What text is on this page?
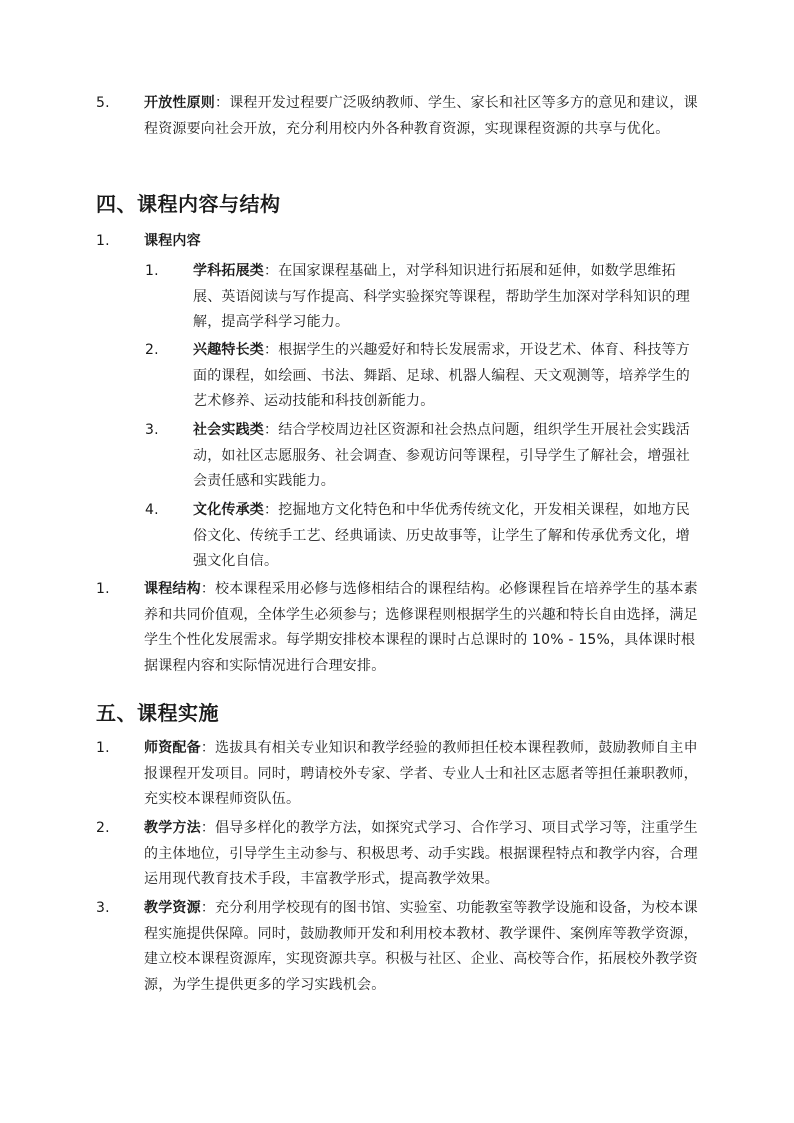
5. 开放性原则：课程开发过程要广泛吸纳教师、学生、家长和社区等多方的意见和建议，课程资源要向社会开放，充分利用校内外各种教育资源，实现课程资源的共享与优化。

四、课程内容与结构
1. 课程内容

1. 学科拓展类：在国家课程基础上，对学科知识进行拓展和延伸，如数学思维拓展、英语阅读与写作提高、科学实验探究等课程，帮助学生加深对学科知识的理解，提高学科学习能力。

2. 兴趣特长类：根据学生的兴趣爱好和特长发展需求，开设艺术、体育、科技等方面的课程，如绘画、书法、舞蹈、足球、机器人编程、天文观测等，培养学生的艺术修养、运动技能和科技创新能力。

3. 社会实践类：结合学校周边社区资源和社会热点问题，组织学生开展社会实践活动，如社区志愿服务、社会调查、参观访问等课程，引导学生了解社会，增强社会责任感和实践能力。

4. 文化传承类：挖掘地方文化特色和中华优秀传统文化，开发相关课程，如地方民俗文化、传统手工艺、经典诵读、历史故事等，让学生了解和传承优秀文化，增强文化自信。

1. 课程结构：校本课程采用必修与选修相结合的课程结构。必修课程旨在培养学生的基本素养和共同价值观，全体学生必须参与；选修课程则根据学生的兴趣和特长自由选择，满足学生个性化发展需求。每学期安排校本课程的课时占总课时的 10% - 15%，具体课时根据课程内容和实际情况进行合理安排。

五、课程实施
1. 师资配备：选拔具有相关专业知识和教学经验的教师担任校本课程教师，鼓励教师自主申报课程开发项目。同时，聘请校外专家、学者、专业人士和社区志愿者等担任兼职教师，充实校本课程师资队伍。

2. 教学方法：倡导多样化的教学方法，如探究式学习、合作学习、项目式学习等，注重学生的主体地位，引导学生主动参与、积极思考、动手实践。根据课程特点和教学内容，合理运用现代教育技术手段，丰富教学形式，提高教学效果。

3. 教学资源：充分利用学校现有的图书馆、实验室、功能教室等教学设施和设备，为校本课程实施提供保障。同时，鼓励教师开发和利用校本教材、教学课件、案例库等教学资源，建立校本课程资源库，实现资源共享。积极与社区、企业、高校等合作，拓展校外教学资源，为学生提供更多的学习实践机会。
